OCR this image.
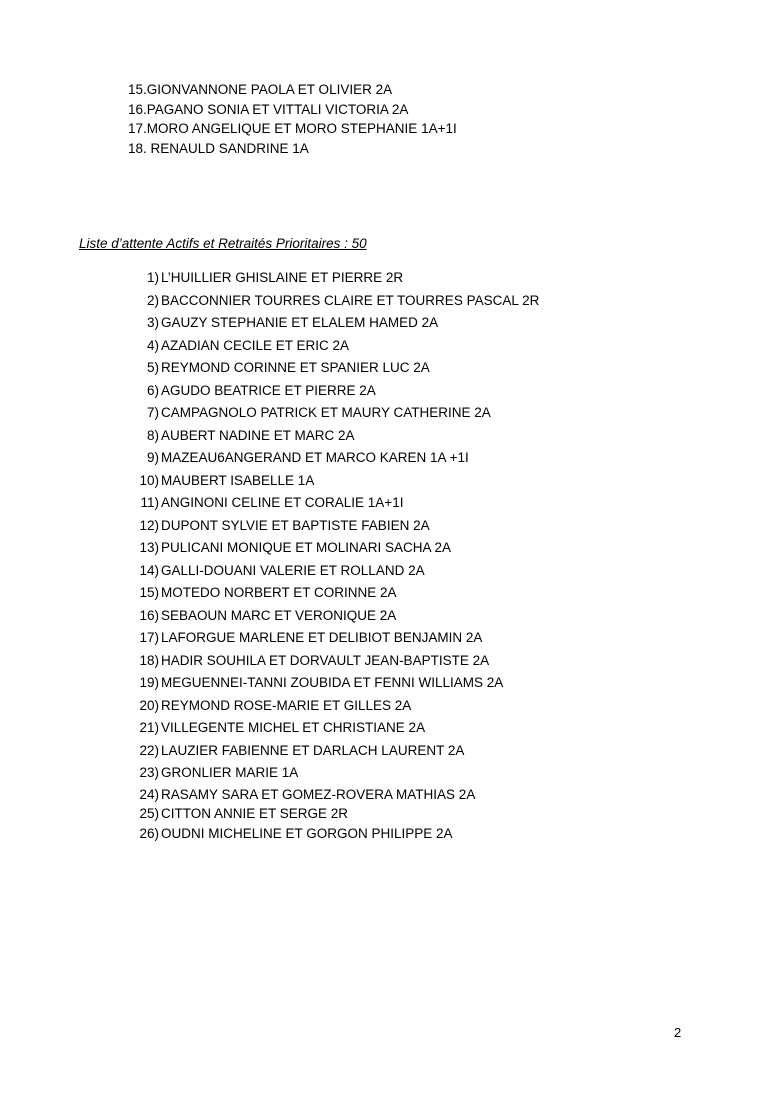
15.GIONVANNONE PAOLA ET OLIVIER 2A
16.PAGANO SONIA ET VITTALI VICTORIA 2A
17.MORO ANGELIQUE ET MORO STEPHANIE 1A+1I
18. RENAULD SANDRINE 1A
Liste d’attente Actifs et Retraités Prioritaires : 50
1) L’HUILLIER GHISLAINE ET PIERRE 2R
2) BACCONNIER TOURRES CLAIRE ET TOURRES PASCAL 2R
3) GAUZY STEPHANIE ET ELALEM HAMED 2A
4) AZADIAN CECILE ET ERIC 2A
5) REYMOND CORINNE ET SPANIER LUC 2A
6) AGUDO BEATRICE ET PIERRE 2A
7) CAMPAGNOLO PATRICK ET MAURY CATHERINE 2A
8) AUBERT NADINE ET MARC 2A
9) MAZEAU6ANGERAND ET MARCO KAREN 1A +1I
10) MAUBERT ISABELLE 1A
11) ANGINONI CELINE ET CORALIE 1A+1I
12) DUPONT SYLVIE ET BAPTISTE FABIEN 2A
13) PULICANI MONIQUE ET MOLINARI SACHA 2A
14) GALLI-DOUANI VALERIE ET ROLLAND 2A
15) MOTEDO NORBERT ET CORINNE 2A
16) SEBAOUN MARC ET VERONIQUE 2A
17) LAFORGUE MARLENE ET DELIBIOT BENJAMIN 2A
18) HADIR SOUHILA ET DORVAULT JEAN-BAPTISTE 2A
19) MEGUENNEI-TANNI ZOUBIDA ET FENNI WILLIAMS 2A
20) REYMOND ROSE-MARIE ET GILLES 2A
21) VILLEGENTE MICHEL ET CHRISTIANE 2A
22) LAUZIER FABIENNE ET DARLACH LAURENT 2A
23) GRONLIER MARIE 1A
24) RASAMY SARA ET GOMEZ-ROVERA MATHIAS 2A
25) CITTON ANNIE ET SERGE 2R
26) OUDNI MICHELINE ET GORGON PHILIPPE 2A
2
